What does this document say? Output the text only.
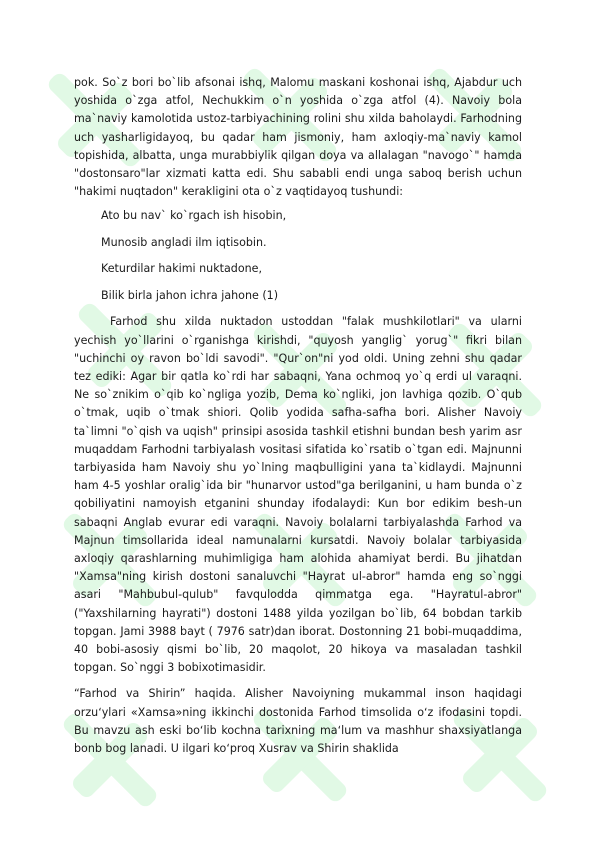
pok. So`z bori bo`lib afsonai ishq, Malomu maskani koshonai ishq, Ajabdur uch yoshida o`zga atfol, Nechukkim o`n yoshida o`zga atfol (4). Navoiy bola ma`naviy kamolotida ustoz-tarbiyachining rolini shu xilda baholaydi. Farhodning uch yasharligidayoq, bu qadar ham jismoniy, ham axloqiy-ma`naviy kamol topishida, albatta, unga murabbiylik qilgan doya va allalagan "navogo`" hamda "dostonsaro"lar xizmati katta edi. Shu sababli endi unga saboq berish uchun "hakimi nuqtadon" kerakligini ota o`z vaqtidayoq tushundi:

Ato bu nav` ko`rgach ish hisobin,
Munosib angladi ilm iqtisobin.
Keturdilar hakimi nuktadone,
Bilik birla jahon ichra jahone (1)

Farhod shu xilda nuktadon ustoddan "falak mushkilotlari" va ularni yechish yo`llarini o`rganishga kirishdi, "quyosh yanglig` yorug`" fikri bilan "uchinchi oy ravon bo`ldi savodi". "Qur`on"ni yod oldi. Uning zehni shu qadar tez ediki: Agar bir qatla ko`rdi har sabaqni, Yana ochmoq yo`q erdi ul varaqni. Ne so`znikim o`qib ko`ngliga yozib, Dema ko`ngliki, jon lavhiga qozib. O`qub o`tmak, uqib o`tmak shiori. Qolib yodida safha-safha bori. Alisher Navoiy ta`limni "o`qish va uqish" prinsipi asosida tashkil etishni bundan besh yarim asr muqaddam Farhodni tarbiyalash vositasi sifatida ko`rsatib o`tgan edi. Majnunni tarbiyasida ham Navoiy shu yo`lning maqbulligini yana ta`kidlaydi. Majnunni ham 4-5 yoshlar oralig`ida bir "hunarvor ustod"ga berilganini, u ham bunda o`z qobiliyatini namoyish etganini shunday ifodalaydi: Kun bor edikim besh-un sabaqni Anglab evurar edi varaqni. Navoiy bolalarni tarbiyalashda Farhod va Majnun timsollarida ideal namunalarni kursatdi. Navoiy bolalar tarbiyasida axloqiy qarashlarning muhimligiga ham alohida ahamiyat berdi. Bu jihatdan "Xamsa"ning kirish dostoni sanaluvchi "Hayrat ul-abror" hamda eng so`nggi asari "Mahbubul-qulub" favqulodda qimmatga ega. "Hayratul-abror" ("Yaxshilarning hayrati") dostoni 1488 yilda yozilgan bo`lib, 64 bobdan tarkib topgan. Jami 3988 bayt ( 7976 satr)dan iborat. Dostonning 21 bobi-muqaddima, 40 bobi-asosiy qismi bo`lib, 20 maqolot, 20 hikoya va masaladan tashkil topgan. So`nggi 3 bobixotimasidir.

“Farhod va Shirin” haqida. Alisher Navoiyning mukammal inson haqidagi orzuʻylari «Xamsa»ning ikkinchi dostonida Farhod timsolida oʻz ifodasini topdi. Bu mavzu ash eski boʻlib kochna tarixning maʻlum va mashhur shaxsiyatlanga bonb bog lanadi. U ilgari koʻproq Xusrav va Shirin shaklida
